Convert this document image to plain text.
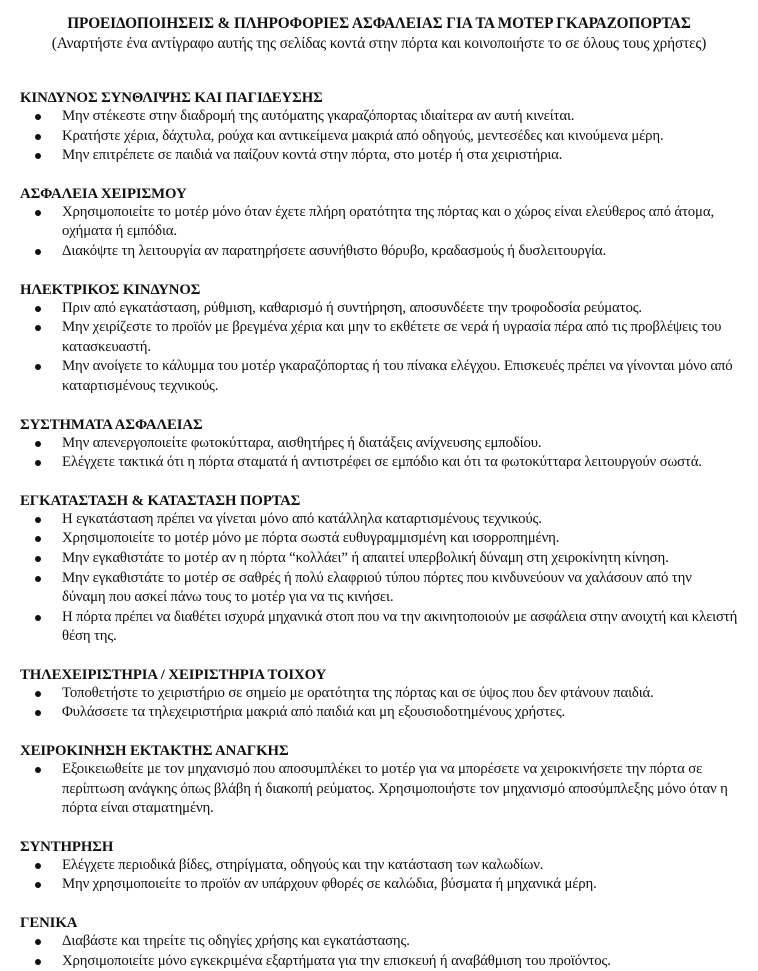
ΠΡΟΕΙΔΟΠΟΙΗΣΕΙΣ & ΠΛΗΡΟΦΟΡΙΕΣ ΑΣΦΑΛΕΙΑΣ ΓΙΑ ΤΑ ΜΟΤΕΡ ΓΚΑΡΑΖΟΠΟΡΤΑΣ
(Αναρτήστε ένα αντίγραφο αυτής της σελίδας κοντά στην πόρτα και κοινοποιήστε το σε όλους τους χρήστες)
ΚΙΝΔΥΝΟΣ ΣΥΝΘΛΙΨΗΣ ΚΑΙ ΠΑΓΙΔΕΥΣΗΣ
Μην στέκεστε στην διαδρομή της αυτόματης γκαραζόπορτας ιδιαίτερα αν αυτή κινείται.
Κρατήστε χέρια, δάχτυλα, ρούχα και αντικείμενα μακριά από οδηγούς, μεντεσέδες και κινούμενα μέρη.
Μην επιτρέπετε σε παιδιά να παίζουν κοντά στην πόρτα, στο μοτέρ ή στα χειριστήρια.
ΑΣΦΑΛΕΙΑ ΧΕΙΡΙΣΜΟΥ
Χρησιμοποιείτε το μοτέρ μόνο όταν έχετε πλήρη ορατότητα της πόρτας και ο χώρος είναι ελεύθερος από άτομα, οχήματα ή εμπόδια.
Διακόψτε τη λειτουργία αν παρατηρήσετε ασυνήθιστο θόρυβο, κραδασμούς ή δυσλειτουργία.
ΗΛΕΚΤΡΙΚΟΣ ΚΙΝΔΥΝΟΣ
Πριν από εγκατάσταση, ρύθμιση, καθαρισμό ή συντήρηση, αποσυνδέετε την τροφοδοσία ρεύματος.
Μην χειρίζεστε το προϊόν με βρεγμένα χέρια και μην το εκθέτετε σε νερά ή υγρασία πέρα από τις προβλέψεις του κατασκευαστή.
Μην ανοίγετε το κάλυμμα του μοτέρ γκαραζόπορτας ή του πίνακα ελέγχου. Επισκευές πρέπει να γίνονται μόνο από καταρτισμένους τεχνικούς.
ΣΥΣΤΗΜΑΤΑ ΑΣΦΑΛΕΙΑΣ
Μην απενεργοποιείτε φωτοκύτταρα, αισθητήρες ή διατάξεις ανίχνευσης εμποδίου.
Ελέγχετε τακτικά ότι η πόρτα σταματά ή αντιστρέφει σε εμπόδιο και ότι τα φωτοκύτταρα λειτουργούν σωστά.
ΕΓΚΑΤΑΣΤΑΣΗ & ΚΑΤΑΣΤΑΣΗ ΠΟΡΤΑΣ
Η εγκατάσταση πρέπει να γίνεται μόνο από κατάλληλα καταρτισμένους τεχνικούς.
Χρησιμοποιείτε το μοτέρ μόνο με πόρτα σωστά ευθυγραμμισμένη και ισορροπημένη.
Μην εγκαθιστάτε το μοτέρ αν η πόρτα “κολλάει” ή απαιτεί υπερβολική δύναμη στη χειροκίνητη κίνηση.
Μην εγκαθιστάτε το μοτέρ σε σαθρές ή πολύ ελαφριού τύπου πόρτες που κινδυνεύουν να χαλάσουν από την δύναμη που ασκεί πάνω τους το μοτέρ για να τις κινήσει.
Η πόρτα πρέπει να διαθέτει ισχυρά μηχανικά στοπ που να την ακινητοποιούν με ασφάλεια στην ανοιχτή και κλειστή θέση της.
ΤΗΛΕΧΕΙΡΙΣΤΗΡΙΑ / ΧΕΙΡΙΣΤΗΡΙΑ ΤΟΙΧΟΥ
Τοποθετήστε το χειριστήριο σε σημείο με ορατότητα της πόρτας και σε ύψος που δεν φτάνουν παιδιά.
Φυλάσσετε τα τηλεχειριστήρια μακριά από παιδιά και μη εξουσιοδοτημένους χρήστες.
ΧΕΙΡΟΚΙΝΗΣΗ ΕΚΤΑΚΤΗΣ ΑΝΑΓΚΗΣ
Εξοικειωθείτε με τον μηχανισμό που αποσυμπλέκει το μοτέρ για να μπορέσετε να χειροκινήσετε την πόρτα σε περίπτωση ανάγκης όπως βλάβη ή διακοπή ρεύματος. Χρησιμοποιήστε τον μηχανισμό αποσύμπλεξης μόνο όταν η πόρτα είναι σταματημένη.
ΣΥΝΤΗΡΗΣΗ
Ελέγχετε περιοδικά βίδες, στηρίγματα, οδηγούς και την κατάσταση των καλωδίων.
Μην χρησιμοποιείτε το προϊόν αν υπάρχουν φθορές σε καλώδια, βύσματα ή μηχανικά μέρη.
ΓΕΝΙΚΑ
Διαβάστε και τηρείτε τις οδηγίες χρήσης και εγκατάστασης.
Χρησιμοποιείτε μόνο εγκεκριμένα εξαρτήματα για την επισκευή ή αναβάθμιση του προϊόντος.
